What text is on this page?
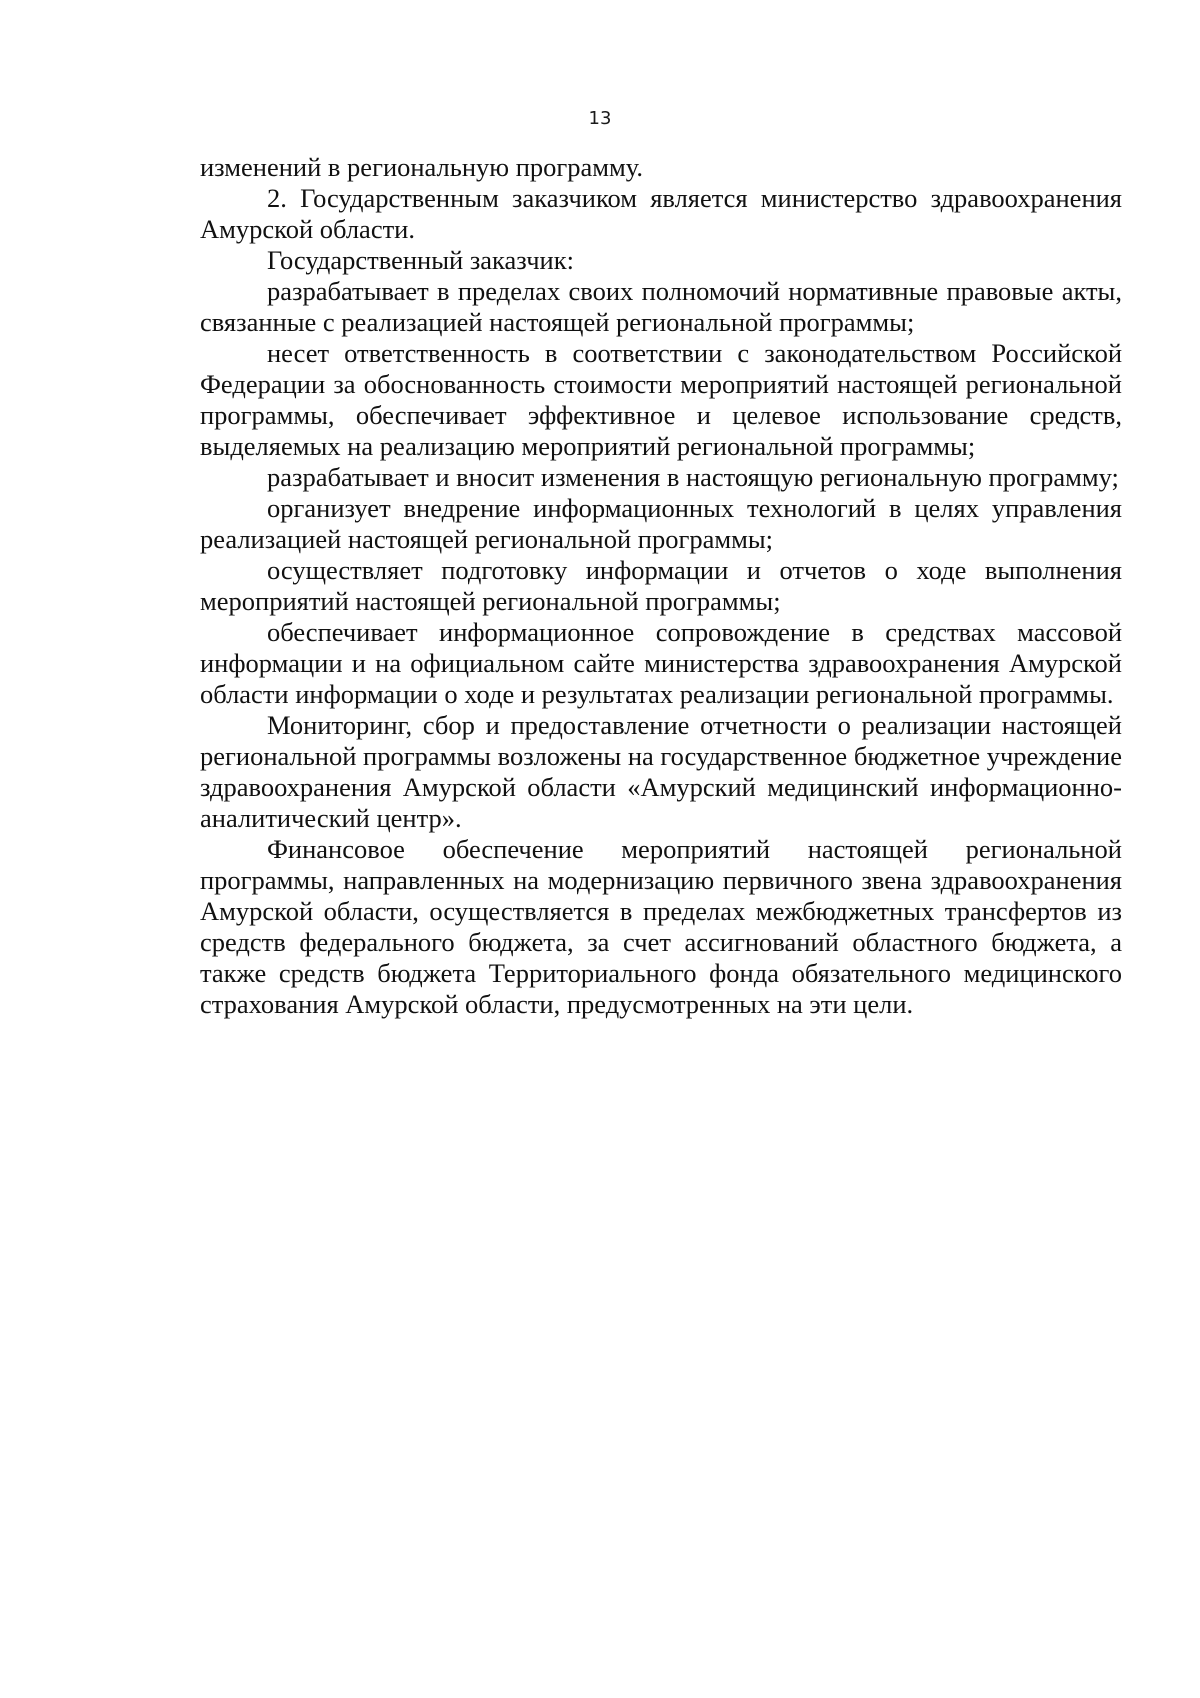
13

изменений в региональную программу.

2. Государственным заказчиком является министерство здравоохранения Амурской области.

Государственный заказчик:

разрабатывает в пределах своих полномочий нормативные правовые акты, связанные с реализацией настоящей региональной программы;

несет ответственность в соответствии с законодательством Российской Федерации за обоснованность стоимости мероприятий настоящей региональной программы, обеспечивает эффективное и целевое использование средств, выделяемых на реализацию мероприятий региональной программы;

разрабатывает и вносит изменения в настоящую региональную программу;

организует внедрение информационных технологий в целях управления реализацией настоящей региональной программы;

осуществляет подготовку информации и отчетов о ходе выполнения мероприятий настоящей региональной программы;

обеспечивает информационное сопровождение в средствах массовой информации и на официальном сайте министерства здравоохранения Амурской области информации о ходе и результатах реализации региональной программы.

Мониторинг, сбор и предоставление отчетности о реализации настоящей региональной программы возложены на государственное бюджетное учреждение здравоохранения Амурской области «Амурский медицинский информационно-аналитический центр».

Финансовое обеспечение мероприятий настоящей региональной программы, направленных на модернизацию первичного звена здравоохранения Амурской области, осуществляется в пределах межбюджетных трансфертов из средств федерального бюджета, за счет ассигнований областного бюджета, а также средств бюджета Территориального фонда обязательного медицинского страхования Амурской области, предусмотренных на эти цели.
